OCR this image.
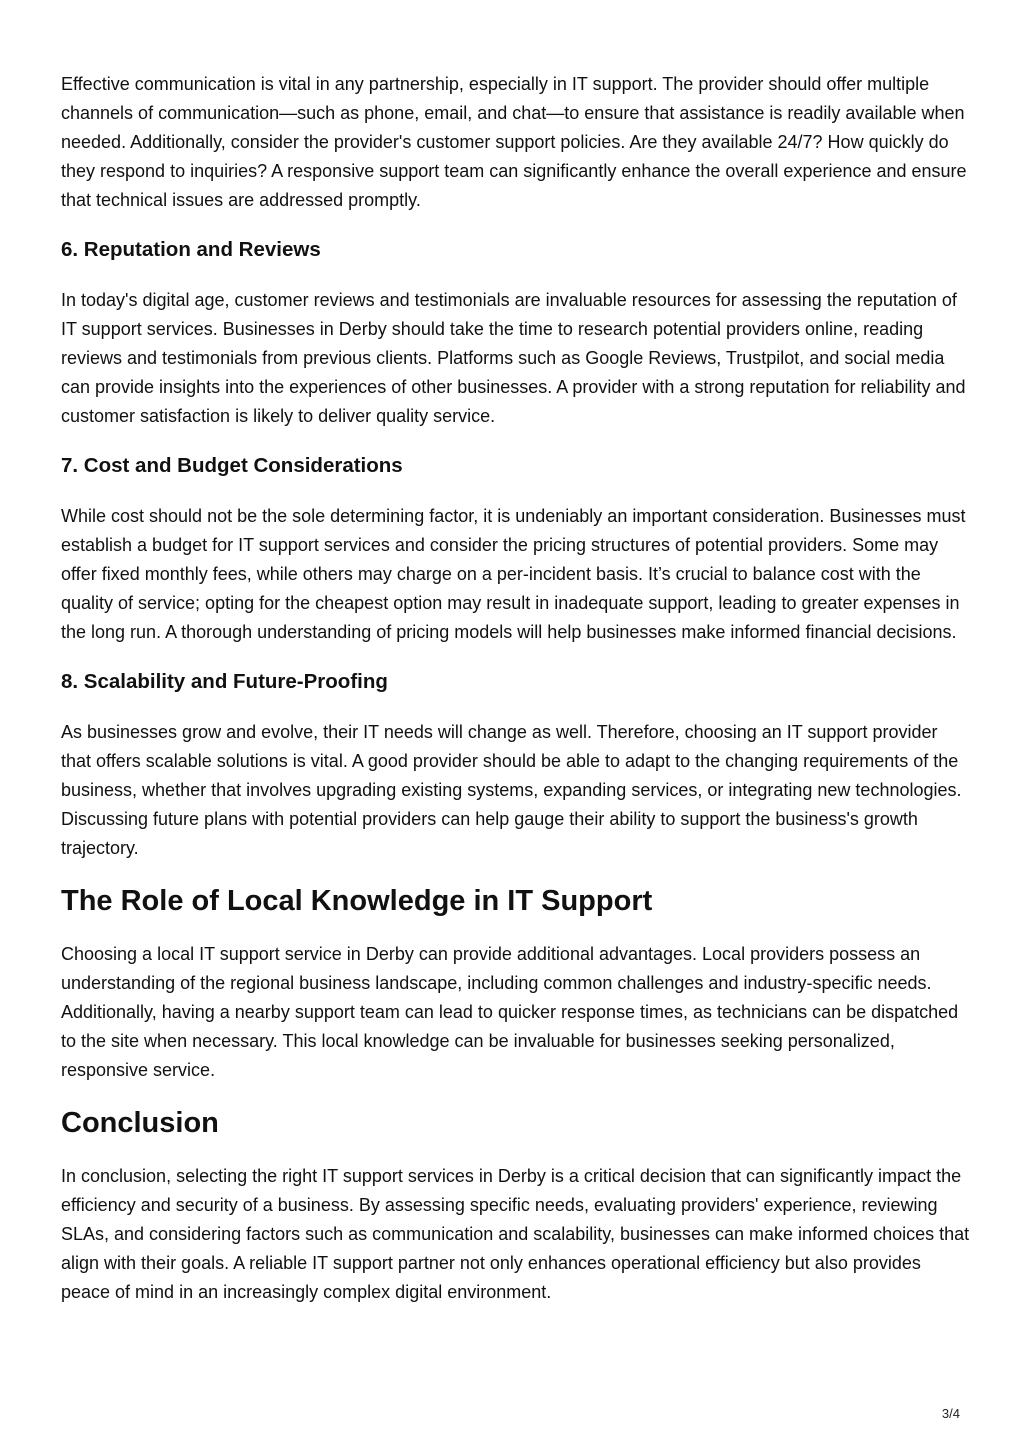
Effective communication is vital in any partnership, especially in IT support. The provider should offer multiple channels of communication—such as phone, email, and chat—to ensure that assistance is readily available when needed. Additionally, consider the provider's customer support policies. Are they available 24/7? How quickly do they respond to inquiries? A responsive support team can significantly enhance the overall experience and ensure that technical issues are addressed promptly.

6. Reputation and Reviews

In today's digital age, customer reviews and testimonials are invaluable resources for assessing the reputation of IT support services. Businesses in Derby should take the time to research potential providers online, reading reviews and testimonials from previous clients. Platforms such as Google Reviews, Trustpilot, and social media can provide insights into the experiences of other businesses. A provider with a strong reputation for reliability and customer satisfaction is likely to deliver quality service.

7. Cost and Budget Considerations

While cost should not be the sole determining factor, it is undeniably an important consideration. Businesses must establish a budget for IT support services and consider the pricing structures of potential providers. Some may offer fixed monthly fees, while others may charge on a per-incident basis. It’s crucial to balance cost with the quality of service; opting for the cheapest option may result in inadequate support, leading to greater expenses in the long run. A thorough understanding of pricing models will help businesses make informed financial decisions.

8. Scalability and Future-Proofing

As businesses grow and evolve, their IT needs will change as well. Therefore, choosing an IT support provider that offers scalable solutions is vital. A good provider should be able to adapt to the changing requirements of the business, whether that involves upgrading existing systems, expanding services, or integrating new technologies. Discussing future plans with potential providers can help gauge their ability to support the business's growth trajectory.

The Role of Local Knowledge in IT Support

Choosing a local IT support service in Derby can provide additional advantages. Local providers possess an understanding of the regional business landscape, including common challenges and industry-specific needs. Additionally, having a nearby support team can lead to quicker response times, as technicians can be dispatched to the site when necessary. This local knowledge can be invaluable for businesses seeking personalized, responsive service.

Conclusion

In conclusion, selecting the right IT support services in Derby is a critical decision that can significantly impact the efficiency and security of a business. By assessing specific needs, evaluating providers' experience, reviewing SLAs, and considering factors such as communication and scalability, businesses can make informed choices that align with their goals. A reliable IT support partner not only enhances operational efficiency but also provides peace of mind in an increasingly complex digital environment.

3/4
